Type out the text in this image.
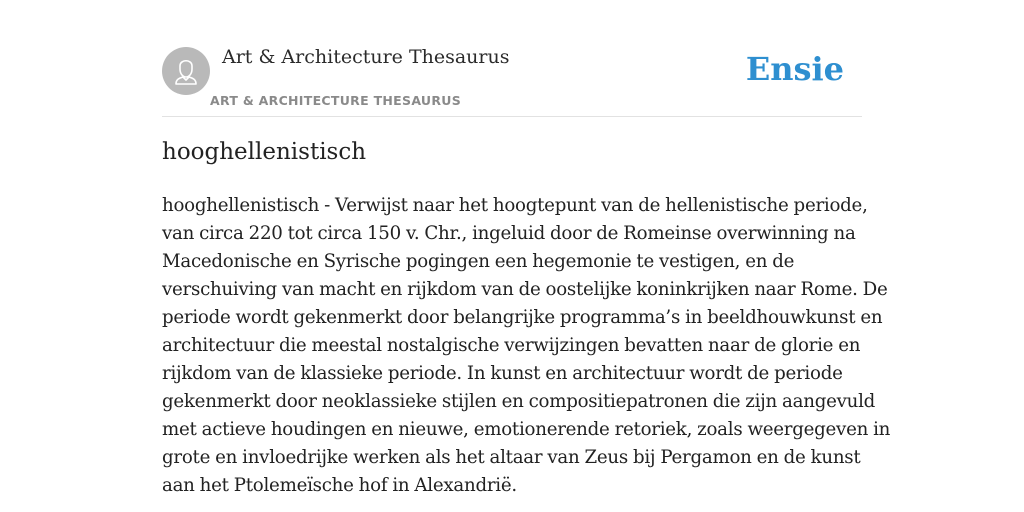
Art & Architecture Thesaurus
ART & ARCHITECTURE THESAURUS
Ensie
hooghellenistisch
hooghellenistisch - Verwijst naar het hoogtepunt van de hellenistische periode,
van circa 220 tot circa 150 v. Chr., ingeluid door de Romeinse overwinning na
Macedonische en Syrische pogingen een hegemonie te vestigen, en de
verschuiving van macht en rijkdom van de oostelijke koninkrijken naar Rome. De
periode wordt gekenmerkt door belangrijke programma’s in beeldhouwkunst en
architectuur die meestal nostalgische verwijzingen bevatten naar de glorie en
rijkdom van de klassieke periode. In kunst en architectuur wordt de periode
gekenmerkt door neoklassieke stijlen en compositiepatronen die zijn aangevuld
met actieve houdingen en nieuwe, emotionerende retoriek, zoals weergegeven in
grote en invloedrijke werken als het altaar van Zeus bij Pergamon en de kunst
aan het Ptolemeïsche hof in Alexandrië.
